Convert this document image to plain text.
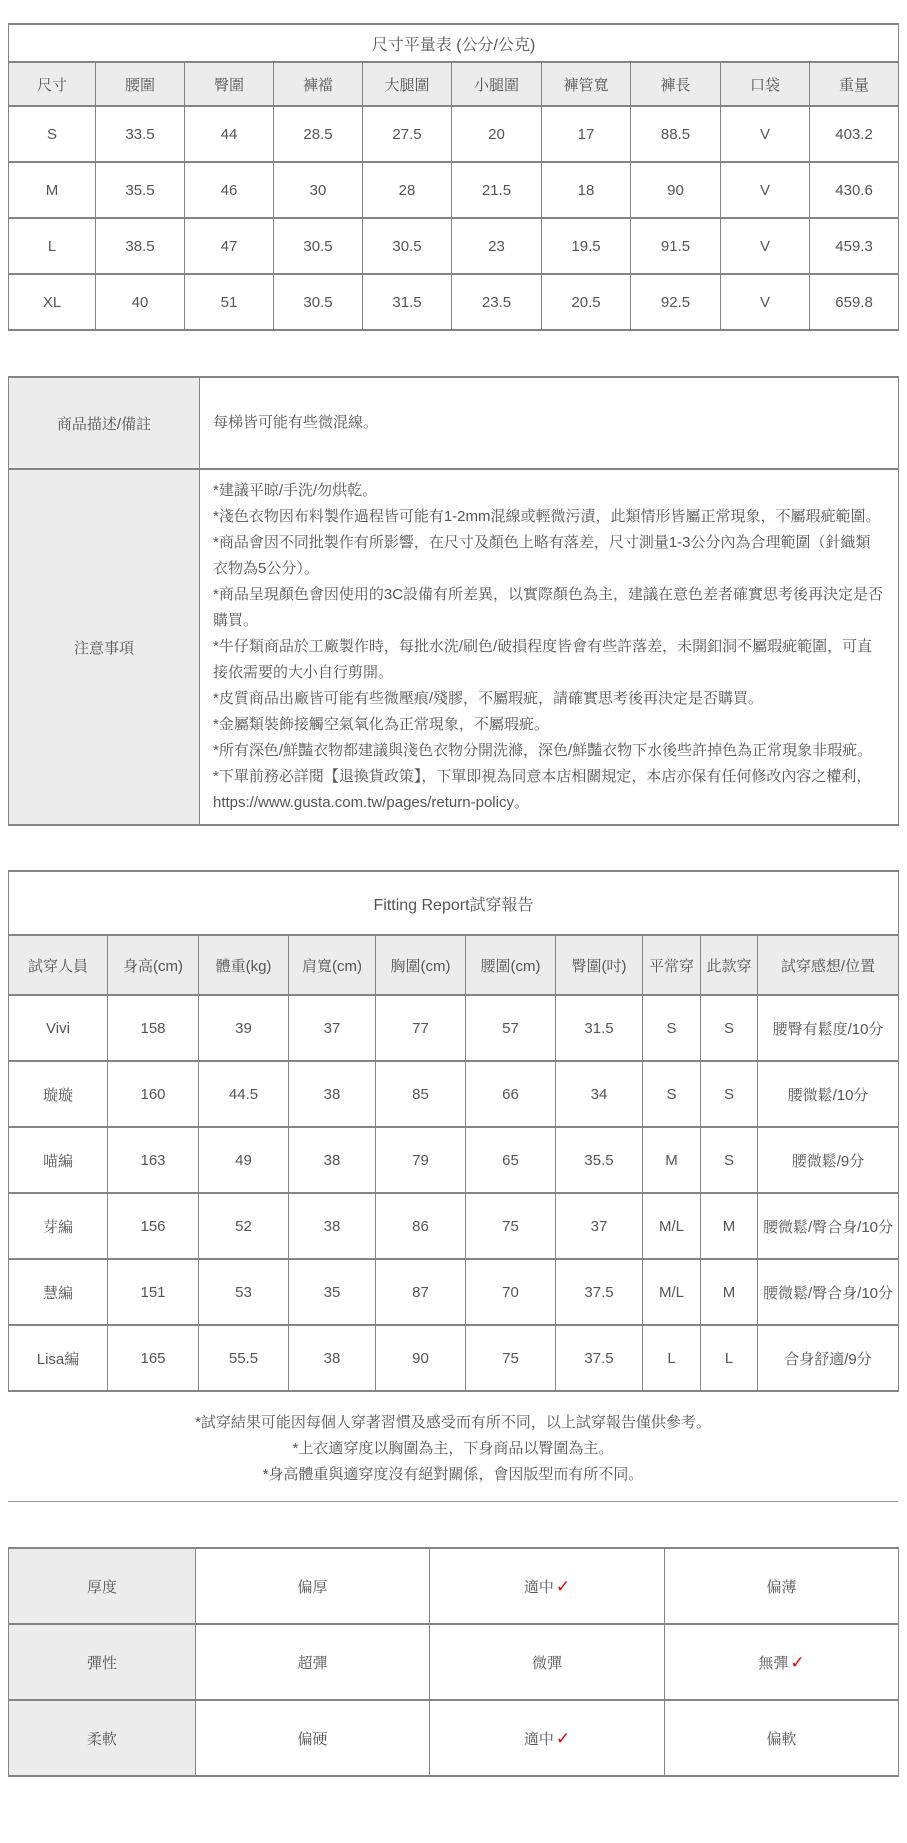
尺寸平量表 (公分/公克)									
尺寸	腰圍	臀圍	褲襠	大腿圍	小腿圍	褲管寬	褲長	口袋	重量
S	33.5	44	28.5	27.5	20	17	88.5	V	403.2
M	35.5	46	30	28	21.5	18	90	V	430.6
L	38.5	47	30.5	30.5	23	19.5	91.5	V	459.3
XL	40	51	30.5	31.5	23.5	20.5	92.5	V	659.8
商品描述/備註	每梯皆可能有些微混線。

注意事項	
*建議平晾/手洗/勿烘乾。
*淺色衣物因布料製作過程皆可能有1-2mm混線或輕微污漬，此類情形皆屬正常現象，不屬瑕疵範圍。
*商品會因不同批製作有所影響，在尺寸及顏色上略有落差，尺寸測量1-3公分內為合理範圍（針織類衣物為5公分）。
*商品呈現顏色會因使用的3C設備有所差異，以實際顏色為主，建議在意色差者確實思考後再決定是否購買。
*牛仔類商品於工廠製作時，每批水洗/刷色/破損程度皆會有些許落差，未開釦洞不屬瑕疵範圍，可直接依需要的大小自行剪開。
*皮質商品出廠皆可能有些微壓痕/殘膠，不屬瑕疵，請確實思考後再決定是否購買。
*金屬類裝飾接觸空氣氧化為正常現象，不屬瑕疵。
*所有深色/鮮豔衣物都建議與淺色衣物分開洗滌，深色/鮮豔衣物下水後些許掉色為正常現象非瑕疵。
*下單前務必詳閱【退換貨政策】，下單即視為同意本店相關規定，本店亦保有任何修改內容之權利，https://www.gusta.com.tw/pages/return-policy。
Fitting Report試穿報告									
試穿人員	身高(cm)	體重(kg)	肩寬(cm)	胸圍(cm)	腰圍(cm)	臀圍(吋)	平常穿	此款穿	試穿感想/位置
Vivi	158	39	37	77	57	31.5	S	S	腰臀有鬆度/10分
璇璇	160	44.5	38	85	66	34	S	S	腰微鬆/10分
喵編	163	49	38	79	65	35.5	M	S	腰微鬆/9分
芽編	156	52	38	86	75	37	M/L	M	腰微鬆/臀合身/10分
慧編	151	53	35	87	70	37.5	M/L	M	腰微鬆/臀合身/10分
Lisa編	165	55.5	38	90	75	37.5	L	L	合身舒適/9分
*試穿結果可能因每個人穿著習慣及感受而有所不同，以上試穿報告僅供參考。
*上衣適穿度以胸圍為主，下身商品以臀圍為主。
*身高體重與適穿度沒有絕對關係，會因版型而有所不同。
厚度	偏厚	適中 ✓	偏薄
彈性	超彈	微彈	無彈 ✓
柔軟	偏硬	適中 ✓	偏軟
